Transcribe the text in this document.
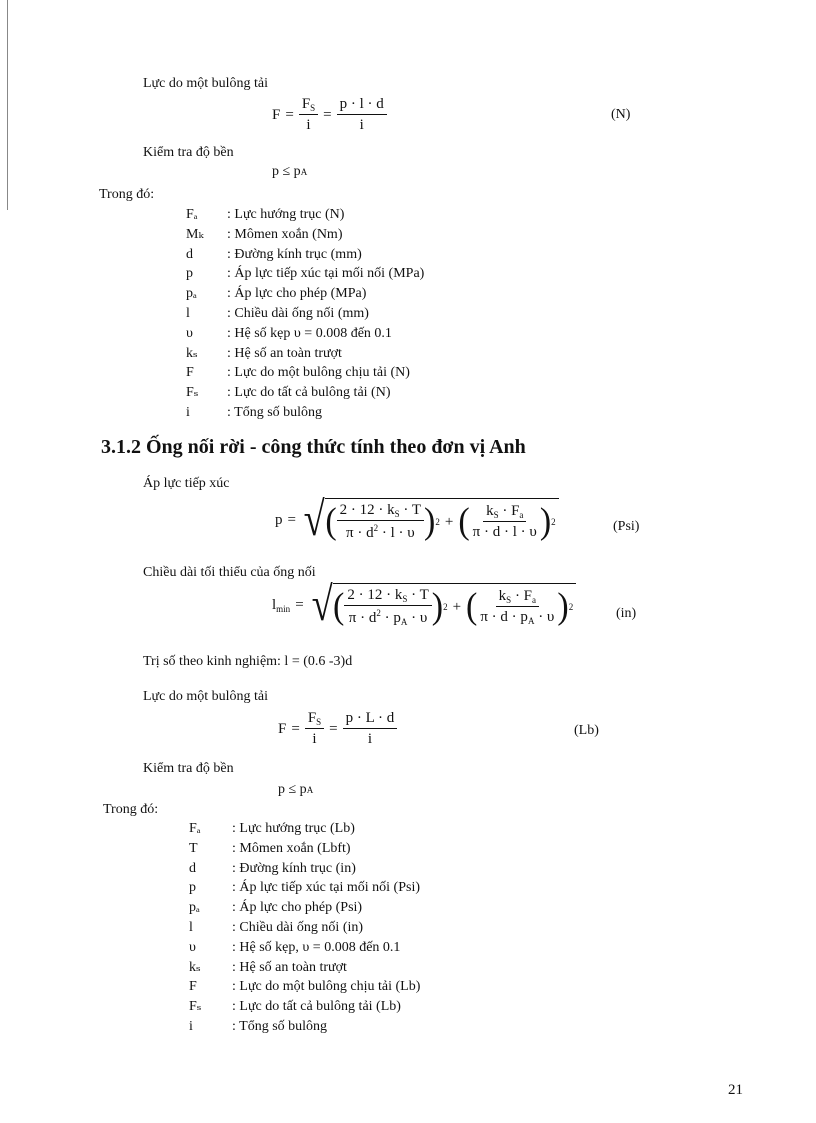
Lực do một bulông tải
$F = \frac{F_S}{i} = \frac{p \cdot l \cdot d}{i}$	(N)
Kiểm tra độ bền
p ≤ p A
Trong đó:
Fₐ	: Lực hướng trục (N)
Mₖ	: Mômen xoắn (Nm)
d	: Đường kính trục (mm)
p	: Áp lực tiếp xúc tại mối nối (MPa)
pₐ	: Áp lực cho phép (MPa)
l	: Chiều dài ống nối (mm)
υ	: Hệ số kẹp υ = 0.008 đến 0.1
kₛ	: Hệ số an toàn trượt
F	: Lực do một bulông chịu tải (N)
Fₛ	: Lực do tất cả bulông tải (N)
i	: Tổng số bulông
3.1.2 Ống nối rời - công thức tính theo đơn vị Anh
Áp lực tiếp xúc
p = √ ( $\frac{2 \cdot 12 \cdot k_S \cdot T}{\pi \cdot d^2 \cdot l \cdot \upsilon}$ ) 2 + ( $\frac{k_S \cdot F_a}{\pi \cdot d \cdot l \cdot \upsilon}$ ) 2	(Psi)
Chiều dài tối thiểu của ống nối
$l_{min}$ = √ ( $\frac{2 \cdot 12 \cdot k_S \cdot T}{\pi \cdot d^2 \cdot p_A \cdot \upsilon}$ ) 2 + ( $\frac{k_S \cdot F_a}{\pi \cdot d \cdot p_A \cdot \upsilon}$ ) 2	(in)
Trị số theo kinh nghiệm: l = (0.6 -3)d
Lực do một bulông tải
$F = \frac{F_S}{i} = \frac{p \cdot L \cdot d}{i}$	(Lb)
Kiểm tra độ bền
p ≤ p A
Trong đó:
Fₐ	: Lực hướng trục (Lb)
T	: Mômen xoắn (Lbft)
d	: Đường kính trục (in)
p	: Áp lực tiếp xúc tại mối nối (Psi)
pₐ	: Áp lực cho phép (Psi)
l	: Chiều dài ống nối (in)
υ	: Hệ số kẹp, υ = 0.008 đến 0.1
kₛ	: Hệ số an toàn trượt
F	: Lực do một bulông chịu tải (Lb)
Fₛ	: Lực do tất cả bulông tải (Lb)
i	: Tổng số bulông
21
